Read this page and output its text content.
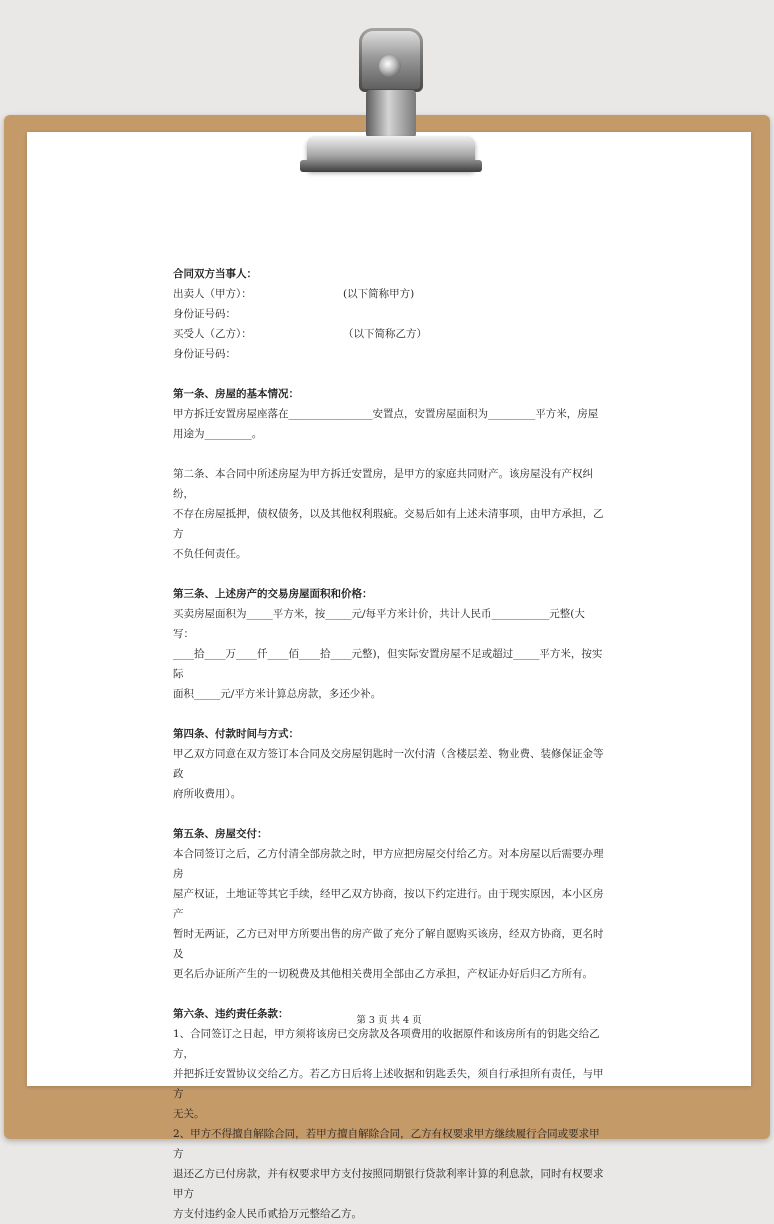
合同双方当事人：

出卖人（甲方）：	(以下简称甲方)

身份证号码：

买受人（乙方）：	（以下简称乙方）

身份证号码：

第一条、房屋的基本情况：

甲方拆迁安置房屋座落在________________安置点，安置房屋面积为_________平方米，房屋

用途为_________。

第二条、本合同中所述房屋为甲方拆迁安置房，是甲方的家庭共同财产。该房屋没有产权纠纷，

不存在房屋抵押，债权债务，以及其他权利瑕疵。交易后如有上述未清事项，由甲方承担，乙方

不负任何责任。

第三条、上述房产的交易房屋面积和价格：

买卖房屋面积为_____平方米，按_____元/每平方米计价，共计人民币___________元整(大写：

____拾____万____仟____佰____拾____元整)，但实际安置房屋不足或超过_____平方米，按实际

面积_____元/平方米计算总房款，多还少补。

第四条、付款时间与方式：

甲乙双方同意在双方签订本合同及交房屋钥匙时一次付清（含楼层差、物业费、装修保证金等政

府所收费用）。

第五条、房屋交付：

本合同签订之后，乙方付清全部房款之时，甲方应把房屋交付给乙方。对本房屋以后需要办理房

屋产权证，土地证等其它手续，经甲乙双方协商，按以下约定进行。由于现实原因，本小区房产

暂时无两证，乙方已对甲方所要出售的房产做了充分了解自愿购买该房，经双方协商，更名时及

更名后办证所产生的一切税费及其他相关费用全部由乙方承担，产权证办好后归乙方所有。

第六条、违约责任条款：

1、合同签订之日起，甲方须将该房已交房款及各项费用的收据原件和该房所有的钥匙交给乙方，

并把拆迁安置协议交给乙方。若乙方日后将上述收据和钥匙丢失，须自行承担所有责任，与甲方

无关。

2、甲方不得擅自解除合同，若甲方擅自解除合同，乙方有权要求甲方继续履行合同或要求甲方

退还乙方已付房款，并有权要求甲方支付按照同期银行贷款利率计算的利息款，同时有权要求甲方

方支付违约金人民币贰拾万元整给乙方。

第 3 页 共 4 页
